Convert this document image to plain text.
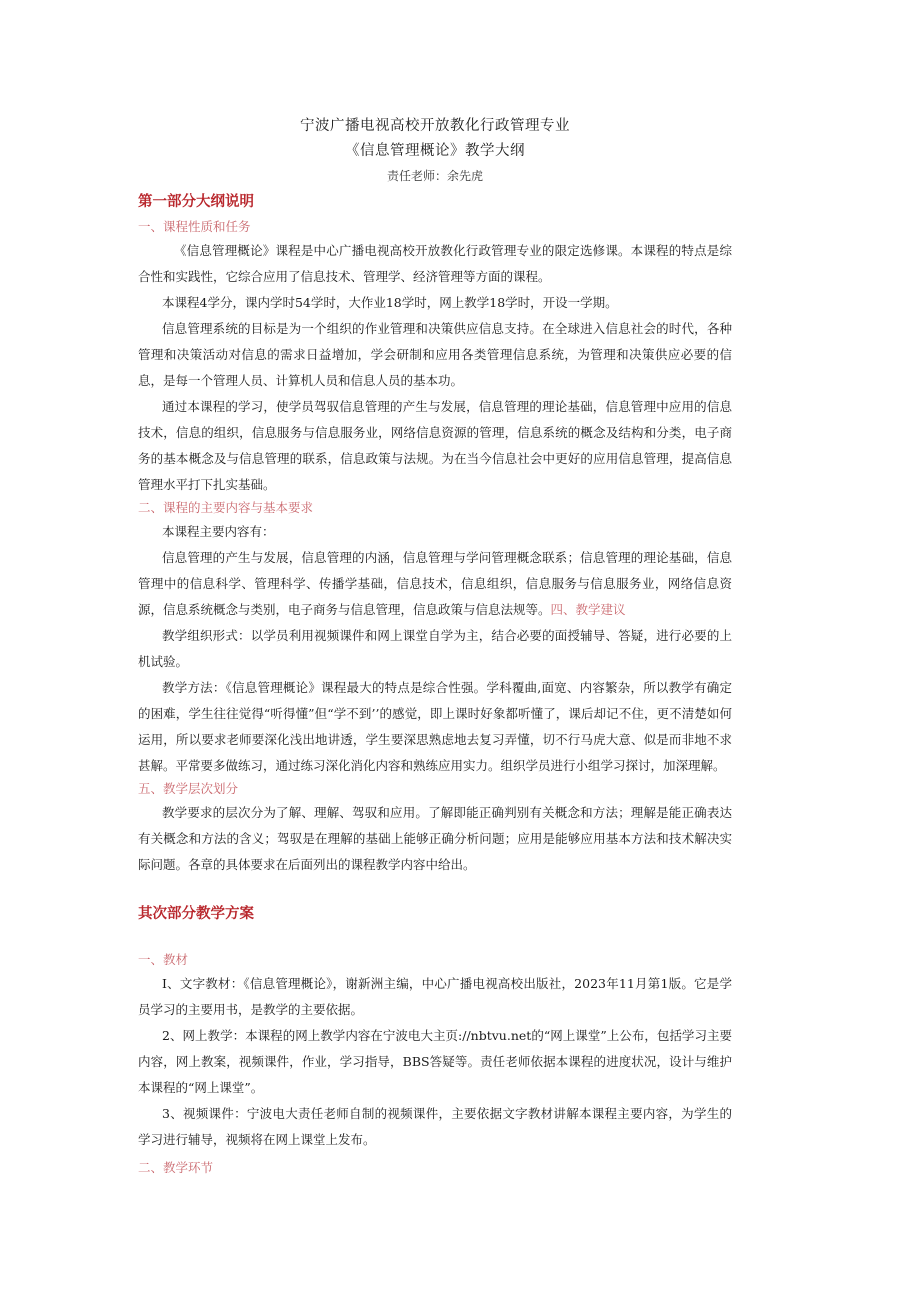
宁波广播电视高校开放教化行政管理专业
《信息管理概论》教学大纲
责任老师：余先虎
第一部分大纲说明
一、课程性质和任务
《信息管理概论》课程是中心广播电视高校开放教化行政管理专业的限定选修课。本课程的特点是综合性和实践性，它综合应用了信息技术、管理学、经济管理等方面的课程。
本课程4学分，课内学时54学时，大作业18学时，网上教学18学时，开设一学期。
信息管理系统的目标是为一个组织的作业管理和决策供应信息支持。在全球进入信息社会的时代，各种管理和决策活动对信息的需求日益增加，学会研制和应用各类管理信息系统，为管理和决策供应必要的信息，是每一个管理人员、计算机人员和信息人员的基本功。
通过本课程的学习，使学员驾驭信息管理的产生与发展，信息管理的理论基础，信息管理中应用的信息技术，信息的组织，信息服务与信息服务业，网络信息资源的管理，信息系统的概念及结构和分类，电子商务的基本概念及与信息管理的联系，信息政策与法规。为在当今信息社会中更好的应用信息管理，提高信息管理水平打下扎实基础。
二、课程的主要内容与基本要求
本课程主要内容有：
信息管理的产生与发展，信息管理的内涵，信息管理与学问管理概念联系；信息管理的理论基础，信息管理中的信息科学、管理科学、传播学基础，信息技术，信息组织，信息服务与信息服务业，网络信息资源，信息系统概念与类别，电子商务与信息管理，信息政策与信息法规等。四、教学建议
教学组织形式：以学员利用视频课件和网上课堂自学为主，结合必要的面授辅导、答疑，进行必要的上机试验。
教学方法：《信息管理概论》课程最大的特点是综合性强。学科覆曲,面宽、内容繁杂，所以教学有确定的困难，学生往往觉得“听得懂”但“学不到’’的感觉，即上课时好象都听懂了，课后却记不住，更不清楚如何运用，所以要求老师要深化浅出地讲透，学生要深思熟虑地去复习弄懂，切不行马虎大意、似是而非地不求甚解。平常要多做练习，通过练习深化消化内容和熟练应用实力。组织学员进行小组学习探讨，加深理解。
五、教学层次划分
教学要求的层次分为了解、理解、驾驭和应用。了解即能正确判别有关概念和方法；理解是能正确表达有关概念和方法的含义；驾驭是在理解的基础上能够正确分析问题；应用是能够应用基本方法和技术解决实际问题。各章的具体要求在后面列出的课程教学内容中给出。
其次部分教学方案
一、教材
I、文字教材：《信息管理概论》，谢新洲主编，中心广播电视高校出版社，2023年11月第1版。它是学员学习的主要用书，是教学的主要依据。
2、网上教学：本课程的网上教学内容在宁波电大主页://nbtvu.net的“网上课堂”上公布，包括学习主要内容，网上教案，视频课件，作业，学习指导，BBS答疑等。责任老师依据本课程的进度状况，设计与维护本课程的“网上课堂”。
3、视频课件：宁波电大责任老师自制的视频课件，主要依据文字教材讲解本课程主要内容，为学生的学习进行辅导，视频将在网上课堂上发布。
二、教学环节
